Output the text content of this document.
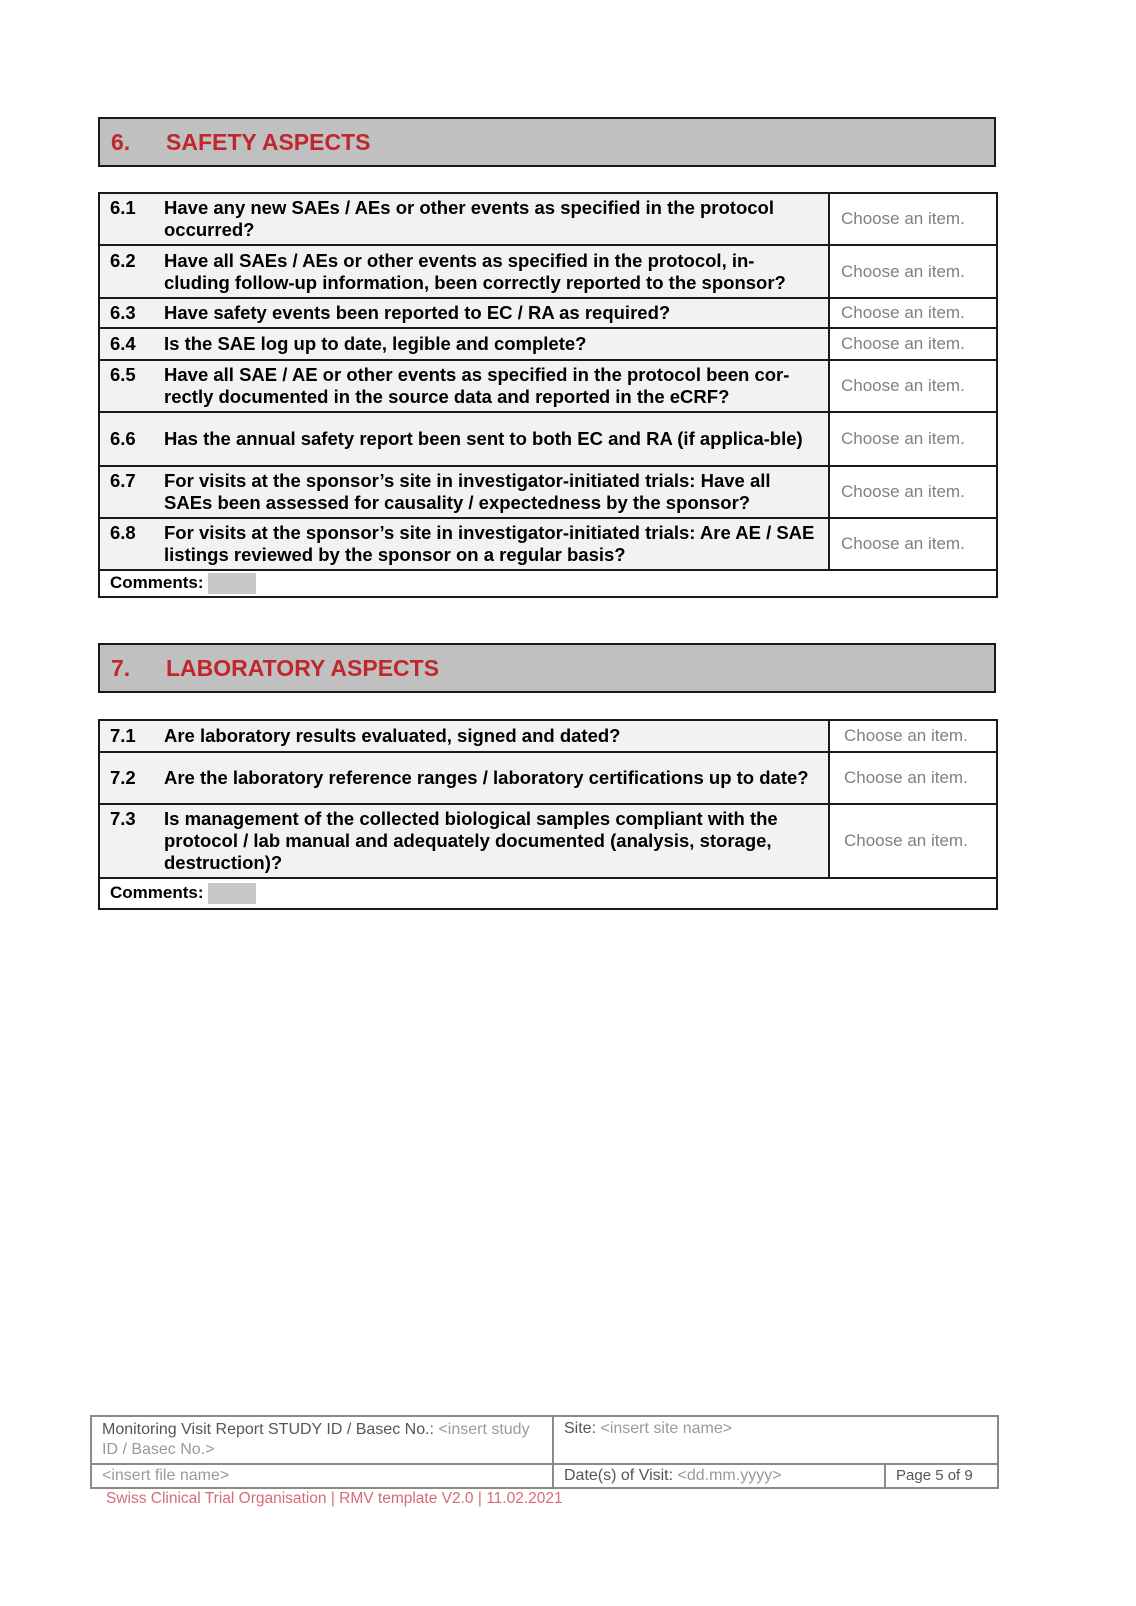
6.	SAFETY ASPECTS
6.1 Have any new SAEs / AEs or other events as specified in the protocol occurred?	Choose an item.

6.2 Have all SAEs / AEs or other events as specified in the protocol, in-cluding follow-up information, been correctly reported to the sponsor?	Choose an item.

6.3 Have safety events been reported to EC / RA as required?	Choose an item.

6.4 Is the SAE log up to date, legible and complete?	Choose an item.

6.5 Have all SAE / AE or other events as specified in the protocol been cor-rectly documented in the source data and reported in the eCRF?	Choose an item.

6.6 Has the annual safety report been sent to both EC and RA (if applica-ble)	Choose an item.

6.7 For visits at the sponsor’s site in investigator-initiated trials: Have all SAEs been assessed for causality / expectedness by the sponsor?	Choose an item.

6.8 For visits at the sponsor’s site in investigator-initiated trials: Are AE / SAE listings reviewed by the sponsor on a regular basis?	Choose an item.
Comments:	
7.	LABORATORY ASPECTS
7.1 Are laboratory results evaluated, signed and dated?	Choose an item.

7.2 Are the laboratory reference ranges / laboratory certifications up to date?	Choose an item.

7.3 Is management of the collected biological samples compliant with the protocol / lab manual and adequately documented (analysis, storage, destruction)?	Choose an item.
Comments:	
Monitoring Visit Report STUDY ID / Basec No.: <insert study ID / Basec No.>
Site: <insert site name>
<insert file name>	Date(s) of Visit: <dd.mm.yyyy>	Page 5 of 9
Swiss Clinical Trial Organisation | RMV template V2.0 | 11.02.2021
